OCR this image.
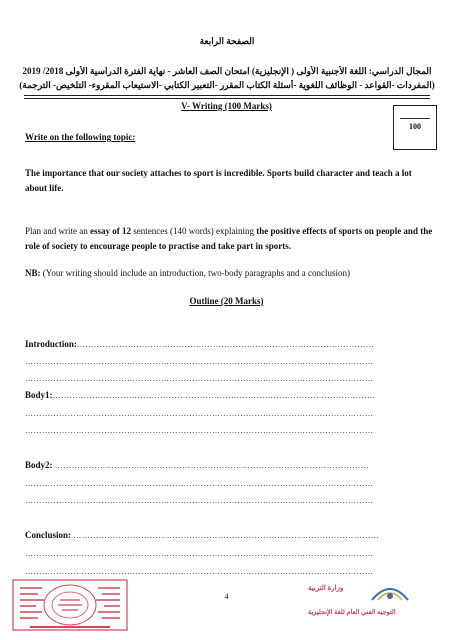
الصفحة الرابعة
المجال الدراسي: اللغة الأجنبية الأولى ( الإنجليزية) امتحان الصف العاشر - نهاية الفترة الدراسية الأولى 2018/ 2019
(المفردات -القواعد - الوظائف اللغوية -أسئلة الكتاب المقرر -التعبير الكتابي -الاستيعاب المقروء- التلخيص- الترجمة)
V- Writing (100 Marks)
100
Write on the following topic:
The importance that our society attaches to sport is incredible. Sports build character and teach a lot about life.
Plan and write an essay of 12 sentences (140 words) explaining the positive effects of sports on people and the role of society to encourage people to practise and take part in sports.
NB: (Your writing should include an introduction, two-body paragraphs and a conclusion)
Outline (20 Marks)
Introduction:……………………………………………………………………………………………
……………………………………………………………………………………………………………
……………………………………………………………………………………………………………
Body1:……………………………………………………………………………………………………
……………………………………………………………………………………………………………
……………………………………………………………………………………………………………
Body2: …………………………………………………………………………………………………
……………………………………………………………………………………………………………
……………………………………………………………………………………………………………
Conclusion: ………………………………………………………………………………………………
……………………………………………………………………………………………………………
……………………………………………………………………………………………………………
4
وزارة التربية
التوجيه الفني العام للغة الإنجليزية
